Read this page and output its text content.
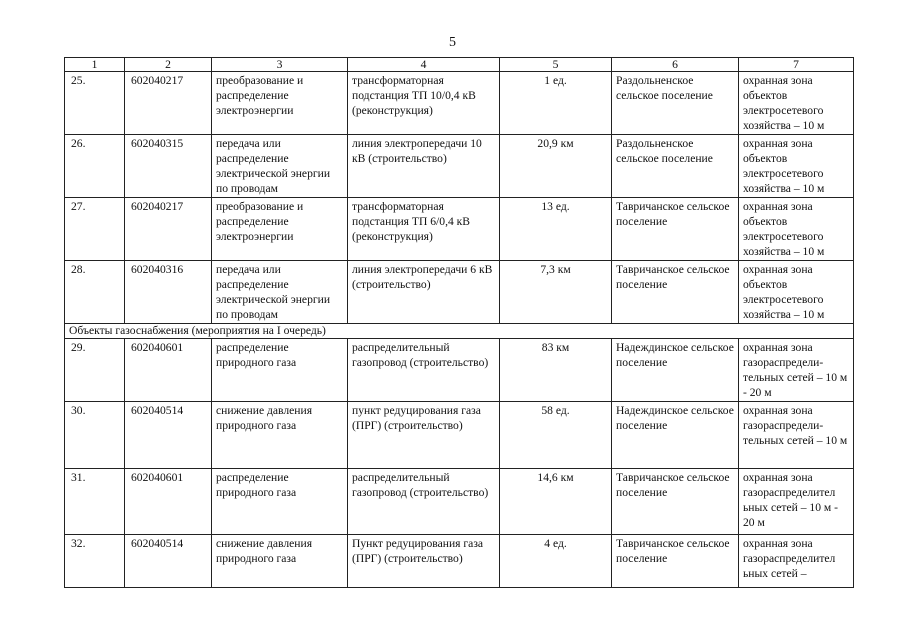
5
1	2	3	4	5	6	7
25.	602040217	преобразование и распределение электроэнергии	трансформаторная подстанция ТП 10/0,4 кВ (реконструкция)	1 ед.	Раздольненское сельское поселение	охранная зона объектов электросетевого хозяйства – 10 м
26.	602040315	передача или распределение электрической энергии по проводам	линия электропередачи 10 кВ (строительство)	20,9 км	Раздольненское сельское поселение	охранная зона объектов электросетевого хозяйства – 10 м
27.	602040217	преобразование и распределение электроэнергии	трансформаторная подстанция ТП 6/0,4 кВ (реконструкция)	13 ед.	Тавричанское сельское поселение	охранная зона объектов электросетевого хозяйства – 10 м
28.	602040316	передача или распределение электрической энергии по проводам	линия электропередачи 6 кВ (строительство)	7,3 км	Тавричанское сельское поселение	охранная зона объектов электросетевого хозяйства – 10 м
Объекты газоснабжения (мероприятия на I очередь)						
29.	602040601	распределение природного газа	распределительный газопровод (строительство)	83 км	Надеждинское сельское поселение	охранная зона газораспредели-тельных сетей – 10 м - 20 м
30.	602040514	снижение давления природного газа	пункт редуцирования газа (ПРГ) (строительство)	58 ед.	Надеждинское сельское поселение	охранная зона газораспредели-тельных сетей – 10 м
31.	602040601	распределение природного газа	распределительный газопровод (строительство)	14,6 км	Тавричанское сельское поселение	охранная зона газораспределител ьных сетей – 10 м - 20 м
32.	602040514	снижение давления природного газа	Пункт редуцирования газа (ПРГ) (строительство)	4 ед.	Тавричанское сельское поселение	охранная зона газораспределител ьных сетей –
